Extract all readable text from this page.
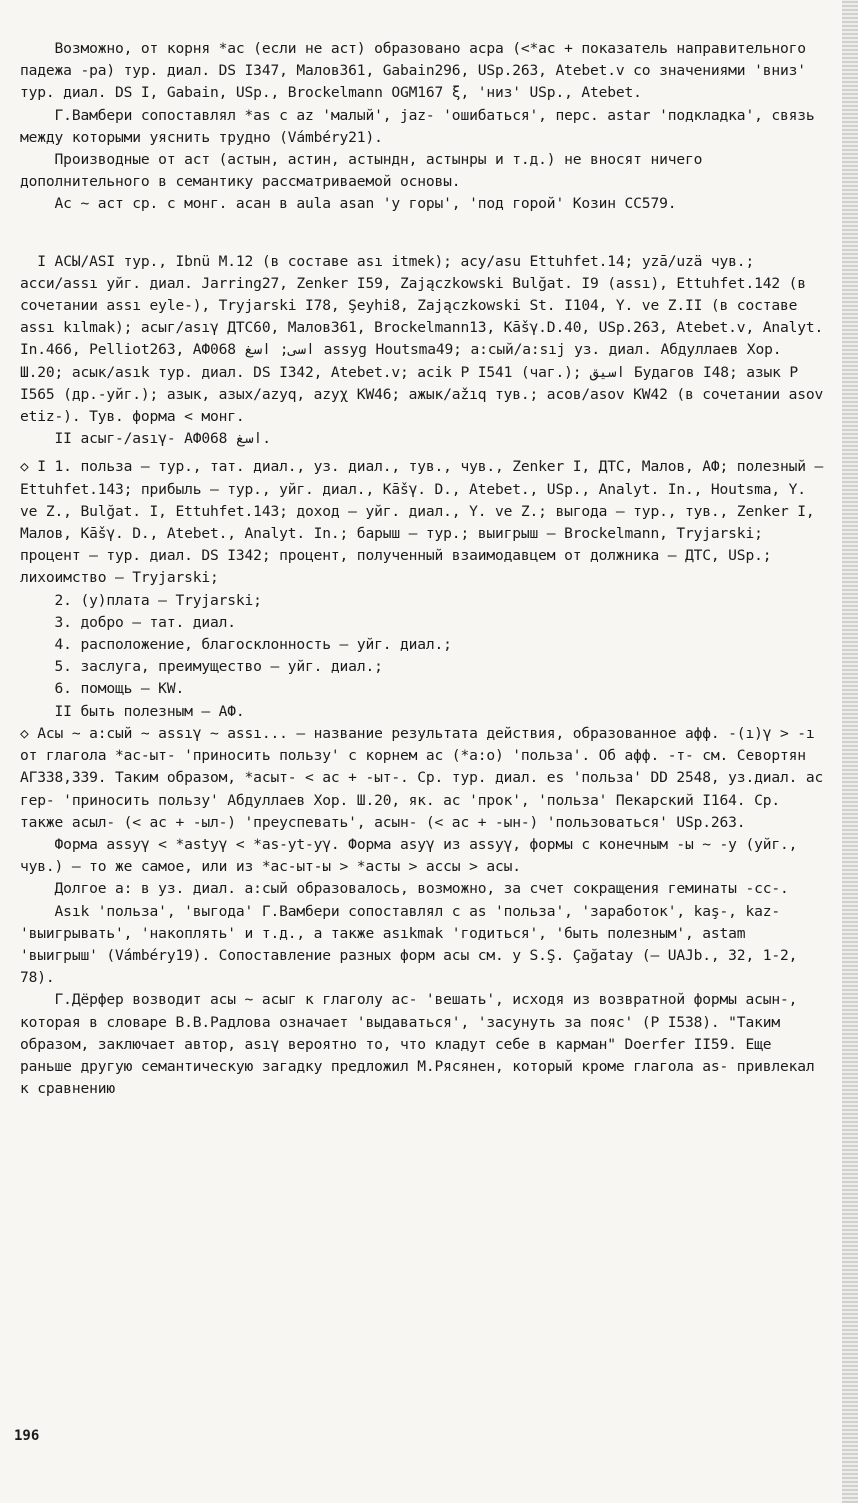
Возможно, от корня *ас (если не аст) образовано асра (<*ас + показатель направительного падежа -ра) тур. диал. DS I347, Малов361, Gabain296, USp.263, Atebet.v со значениями 'вниз' тур. диал. DS I, Gabain, USp., Brockelmann OGM167 ξ, 'низ' USp., Atebet.
Г.Вамбери сопоставлял *as с az 'малый', jaz- 'ошибаться', перс. astar 'подкладка', связь между которыми уяснить трудно (Vámbéry21).
Производные от аст (астын, астин, астындн, астынры и т.д.) не вносят ничего дополнительного в семантику рассматриваемой основы.
Ас ~ аст ср. с монг. асан в aula asan 'у горы', 'под горой' Козин СС579.
I АСЫ/ASI тур., Ibnü M.12 (в составе ası itmek); асу/asu Ettuhfet.14; уzā/uzä чув.; асси/assı уйг. диал. Jarring27, Zenker I59, Zajączkowski Bulğat. I9 (assı), Ettuhfet.142 (в сочетании assı eyle-), Tryjarski I78, Şeyhi8, Zajączkowski St. I104, Y. ve Z.II (в составе assı kılmak); асыг/asıγ ДТС60, Малов361, Brockelmann13, Kāšγ.D.40, USp.263, Atebet.v, Analyt. In.466, Pelliot263, АФ068 اسى; اسغ assyg Houtsma49; а:сый/a:sıj уз. диал. Абдуллаев Хор. Ш.20; асык/asık тур. диал. DS I342, Atebet.v; асik P I541 (чаг.); اسيق Будагов I48; азык P I565 (др.-уйг.); азык, азых/azyq, azyχ KW46; ажык/ažıq тув.; асов/asov KW42 (в сочетании asov etiz-). Тув. форма < монг.
II асыг-/asıγ- АФ068 اسغ.
◇ I 1. польза – тур., тат. диал., уз. диал., тув., чув., Zenker I, ДТС, Малов, АФ; полезный – Ettuhfet.143; прибыль – тур., уйг. диал., Kāšγ. D., Atebet., USp., Analyt. In., Houtsma, Y. ve Z., Bulğat. I, Ettuhfet.143; доход – уйг. диал., Y. ve Z.; выгода – тур., тув., Zenker I, Малов, Kāšγ. D., Atebet., Analyt. In.; барыш – тур.; выигрыш – Brockelmann, Tryjarski; процент – тур. диал. DS I342; процент, полученный взаимодавцем от должника – ДТС, USp.; лихоимство – Tryjarski;
2. (у)плата – Tryjarski;
3. добро – тат. диал.
4. расположение, благосклонность – уйг. диал.;
5. заслуга, преимущество – уйг. диал.;
6. помощь – KW.
II быть полезным – АФ.
◇ Асы ~ а:сый ~ assıγ ~ assı... – название результата действия, образованное афф. -(ı)γ > -ı от глагола *ас-ыт- 'приносить пользу' с корнем ас (*а:о) 'польза'. Об афф. -т- см. Севортян АГ338,339. Таким образом, *асыт- < ас + -ыт-. Ср. тур. диал. es 'польза' DD 2548, уз.диал. ас гер- 'приносить пользу' Абдуллаев Хор. Ш.20, як. ас 'прок', 'польза' Пекарский I164. Ср. также асыл- (< ас + -ыл-) 'преуспевать', асын- (< ас + -ын-) 'пользоваться' USp.263.
Форма assyγ < *astyγ < *as-yt-yγ. Форма asyγ из assyγ, формы с конечным -ы ~ -у (уйг., чув.) – то же самое, или из *ас-ыт-ы > *асты > ассы > асы.
Долгое а: в уз. диал. а:сый образовалось, возможно, за счет сокращения геминаты -сс-.
Asık 'польза', 'выгода' Г.Вамбери сопоставлял с as 'польза', 'заработок', kaş-, kaz- 'выигрывать', 'накоплять' и т.д., а также asıkmak 'годиться', 'быть полезным', astam 'выигрыш' (Vámbéry19). Сопоставление разных форм асы см. у S.Ş. Çağatay (– UAJb., 32, 1-2, 78).
Г.Дёрфер возводит асы ~ асыг к глаголу ас- 'вешать', исходя из возвратной формы асын-, которая в словаре В.В.Радлова означает 'выдаваться', 'засунуть за пояс' (P I538). "Таким образом, заключает автор, asıγ вероятно то, что кладут себе в карман" Doerfer II59. Еще раньше другую семантическую загадку предложил М.Рясянен, который кроме глагола as- привлекал к сравнению
196
